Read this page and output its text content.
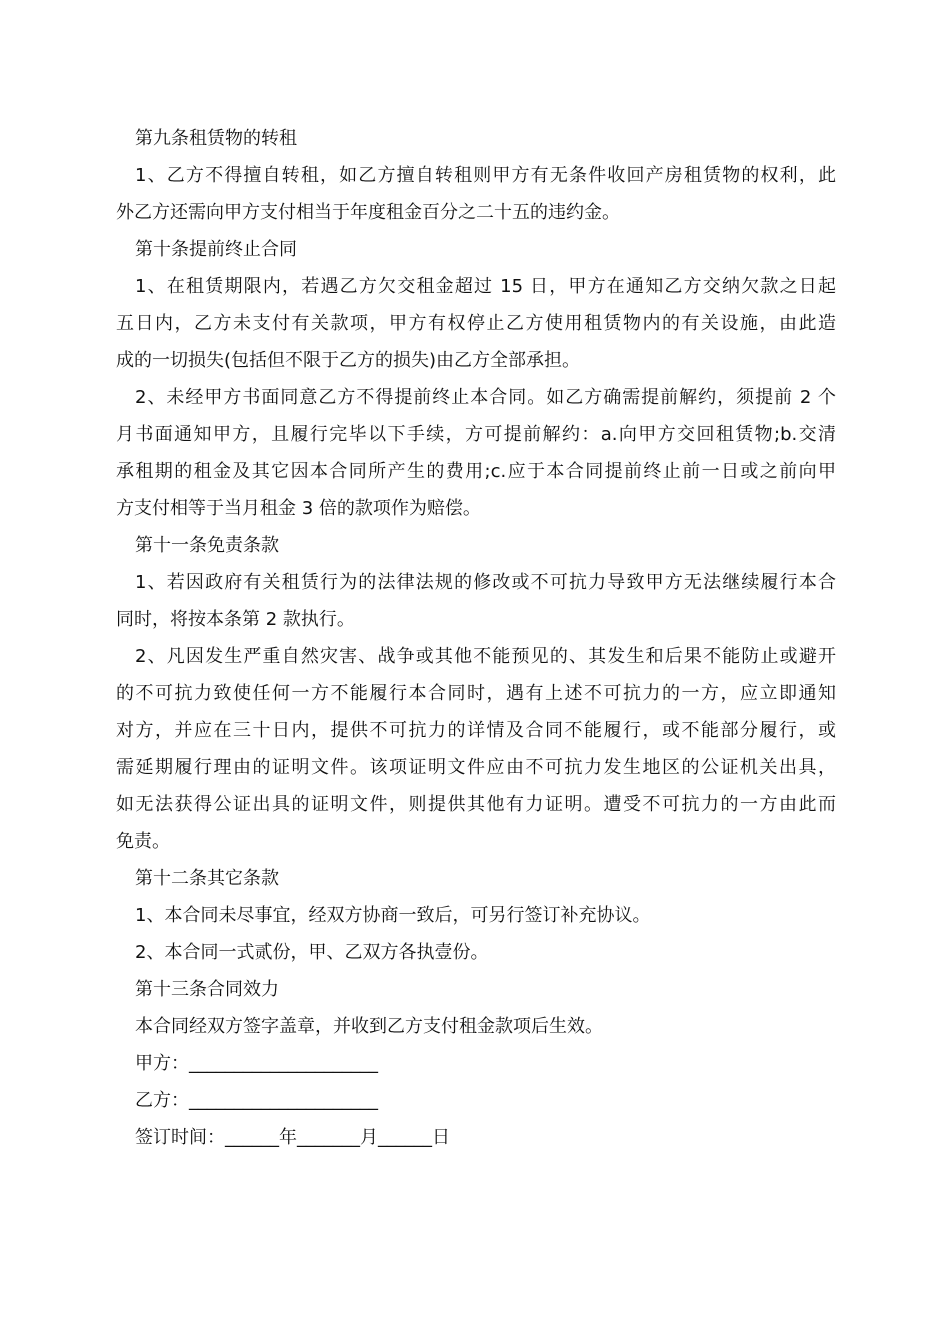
第九条租赁物的转租
1、乙方不得擅自转租，如乙方擅自转租则甲方有无条件收回产房租赁物的权利，此
外乙方还需向甲方支付相当于年度租金百分之二十五的违约金。
第十条提前终止合同
1、在租赁期限内，若遇乙方欠交租金超过 15 日，甲方在通知乙方交纳欠款之日起
五日内，乙方未支付有关款项，甲方有权停止乙方使用租赁物内的有关设施，由此造
成的一切损失(包括但不限于乙方的损失)由乙方全部承担。
2、未经甲方书面同意乙方不得提前终止本合同。如乙方确需提前解约，须提前 2 个
月书面通知甲方，且履行完毕以下手续，方可提前解约：a.向甲方交回租赁物;b.交清
承租期的租金及其它因本合同所产生的费用;c.应于本合同提前终止前一日或之前向甲
方支付相等于当月租金 3 倍的款项作为赔偿。
第十一条免责条款
1、若因政府有关租赁行为的法律法规的修改或不可抗力导致甲方无法继续履行本合
同时，将按本条第 2 款执行。
2、凡因发生严重自然灾害、战争或其他不能预见的、其发生和后果不能防止或避开
的不可抗力致使任何一方不能履行本合同时，遇有上述不可抗力的一方，应立即通知
对方，并应在三十日内，提供不可抗力的详情及合同不能履行，或不能部分履行，或
需延期履行理由的证明文件。该项证明文件应由不可抗力发生地区的公证机关出具，
如无法获得公证出具的证明文件，则提供其他有力证明。遭受不可抗力的一方由此而
免责。
第十二条其它条款
1、本合同未尽事宜，经双方协商一致后，可另行签订补充协议。
2、本合同一式贰份，甲、乙双方各执壹份。
第十三条合同效力
本合同经双方签字盖章，并收到乙方支付租金款项后生效。
甲方：_____________________
乙方：_____________________
签订时间：______年_______月______日
